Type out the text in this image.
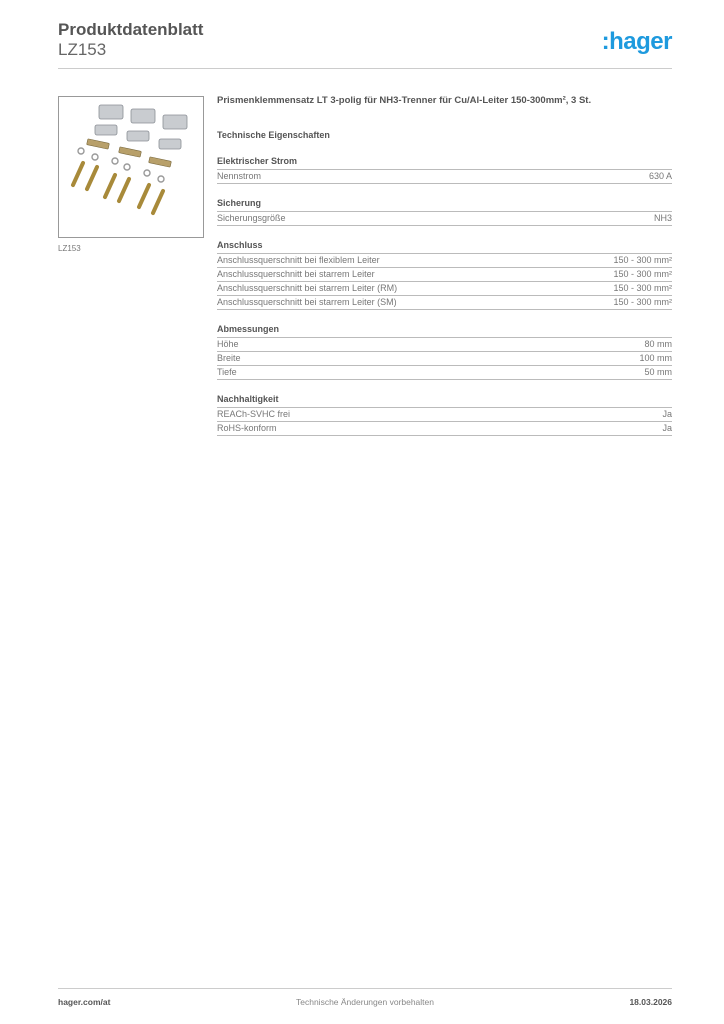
Produktdatenblatt
LZ153	:hager
LZ153
Prismenklemmensatz LT 3-polig für NH3-Trenner für Cu/Al-Leiter 150-300mm², 3 St.
Technische Eigenschaften
Elektrischer Strom
Nennstrom	630 A
Sicherung
Sicherungsgröße	NH3
Anschluss
Anschlussquerschnitt bei flexiblem Leiter	150 - 300 mm²
Anschlussquerschnitt bei starrem Leiter	150 - 300 mm²
Anschlussquerschnitt bei starrem Leiter (RM)	150 - 300 mm²
Anschlussquerschnitt bei starrem Leiter (SM)	150 - 300 mm²
Abmessungen
Höhe	80 mm
Breite	100 mm
Tiefe	50 mm
Nachhaltigkeit
REACh-SVHC frei	Ja
RoHS-konform	Ja
hager.com/at	Technische Änderungen vorbehalten	18.03.2026
